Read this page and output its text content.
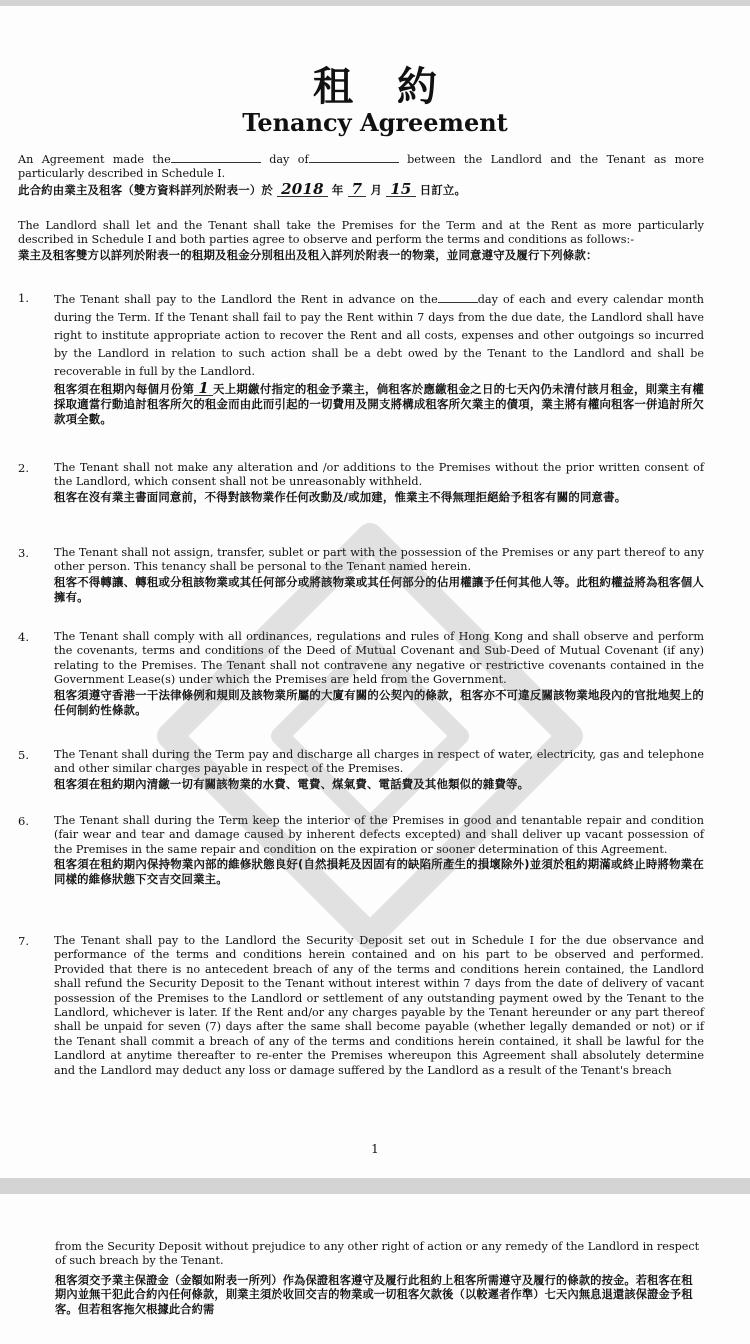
租約
Tenancy Agreement
An Agreement made the	day of	between the Landlord and the Tenant as more particularly described in Schedule I.
此合約由業主及租客（雙方資料詳列於附表一）於 2018 年 7 月 15 日訂立。
The Landlord shall let and the Tenant shall take the Premises for the Term and at the Rent as more particularly described in Schedule I and both parties agree to observe and perform the terms and conditions as follows:-
業主及租客雙方以詳列於附表一的租期及租金分別租出及租入詳列於附表一的物業，並同意遵守及履行下列條款：
1.	The Tenant shall pay to the Landlord the Rent in advance on the	day of each and every calendar month during the Term. If the Tenant shall fail to pay the Rent within 7 days from the due date, the Landlord shall have right to institute appropriate action to recover the Rent and all costs, expenses and other outgoings so incurred by the Landlord in relation to such action shall be a debt owed by the Tenant to the Landlord and shall be recoverable in full by the Landlord.

租客須在租期內每個月份第 1 天上期繳付指定的租金予業主，倘租客於應繳租金之日的七天內仍未清付該月租金，則業主有權採取適當行動追討租客所欠的租金而由此而引起的一切費用及開支將構成租客所欠業主的債項，業主將有權向租客一併追討所欠款項全數。

2.	The Tenant shall not make any alteration and /or additions to the Premises without the prior written consent of the Landlord, which consent shall not be unreasonably withheld.

租客在沒有業主書面同意前，不得對該物業作任何改動及/或加建，惟業主不得無理拒絕給予租客有關的同意書。

3.	The Tenant shall not assign, transfer, sublet or part with the possession of the Premises or any part thereof to any other person. This tenancy shall be personal to the Tenant named herein.

租客不得轉讓、轉租或分租該物業或其任何部分或將該物業或其任何部分的佔用權讓予任何其他人等。此租約權益將為租客個人擁有。

4.	The Tenant shall comply with all ordinances, regulations and rules of Hong Kong and shall observe and perform the covenants, terms and conditions of the Deed of Mutual Covenant and Sub-Deed of Mutual Covenant (if any) relating to the Premises. The Tenant shall not contravene any negative or restrictive covenants contained in the Government Lease(s) under which the Premises are held from the Government.

租客須遵守香港一干法律條例和規則及該物業所屬的大廈有關的公契內的條款，租客亦不可違反關該物業地段內的官批地契上的任何制約性條款。

5.	The Tenant shall during the Term pay and discharge all charges in respect of water, electricity, gas and telephone and other similar charges payable in respect of the Premises.

租客須在租約期內清繳一切有關該物業的水費、電費、煤氣費、電話費及其他類似的雜費等。

6.	The Tenant shall during the Term keep the interior of the Premises in good and tenantable repair and condition (fair wear and tear and damage caused by inherent defects excepted) and shall deliver up vacant possession of the Premises in the same repair and condition on the expiration or sooner determination of this Agreement.

租客須在租約期內保持物業內部的維修狀態良好(自然損耗及因固有的缺陷所產生的損壞除外)並須於租約期滿或終止時將物業在同樣的維修狀態下交吉交回業主。

7.	The Tenant shall pay to the Landlord the Security Deposit set out in Schedule I for the due observance and performance of the terms and conditions herein contained and on his part to be observed and performed. Provided that there is no antecedent breach of any of the terms and conditions herein contained, the Landlord shall refund the Security Deposit to the Tenant without interest within 7 days from the date of delivery of vacant possession of the Premises to the Landlord or settlement of any outstanding payment owed by the Tenant to the Landlord, whichever is later. If the Rent and/or any charges payable by the Tenant hereunder or any part thereof shall be unpaid for seven (7) days after the same shall become payable (whether legally demanded or not) or if the Tenant shall commit a breach of any of the terms and conditions herein contained, it shall be lawful for the Landlord at anytime thereafter to re-enter the Premises whereupon this Agreement shall absolutely determine and the Landlord may deduct any loss or damage suffered by the Landlord as a result of the Tenant's breach

1
from the Security Deposit without prejudice to any other right of action or any remedy of the Landlord in respect of such breach by the Tenant.
租客須交予業主保證金（金額如附表一所列）作為保證租客遵守及履行此租約上租客所需遵守及履行的條款的按金。若租客在租期內並無干犯此合約內任何條款，則業主須於收回交吉的物業或一切租客欠款後（以較遲者作準）七天內無息退還該保證金予租客。但若租客拖欠根據此合約需
